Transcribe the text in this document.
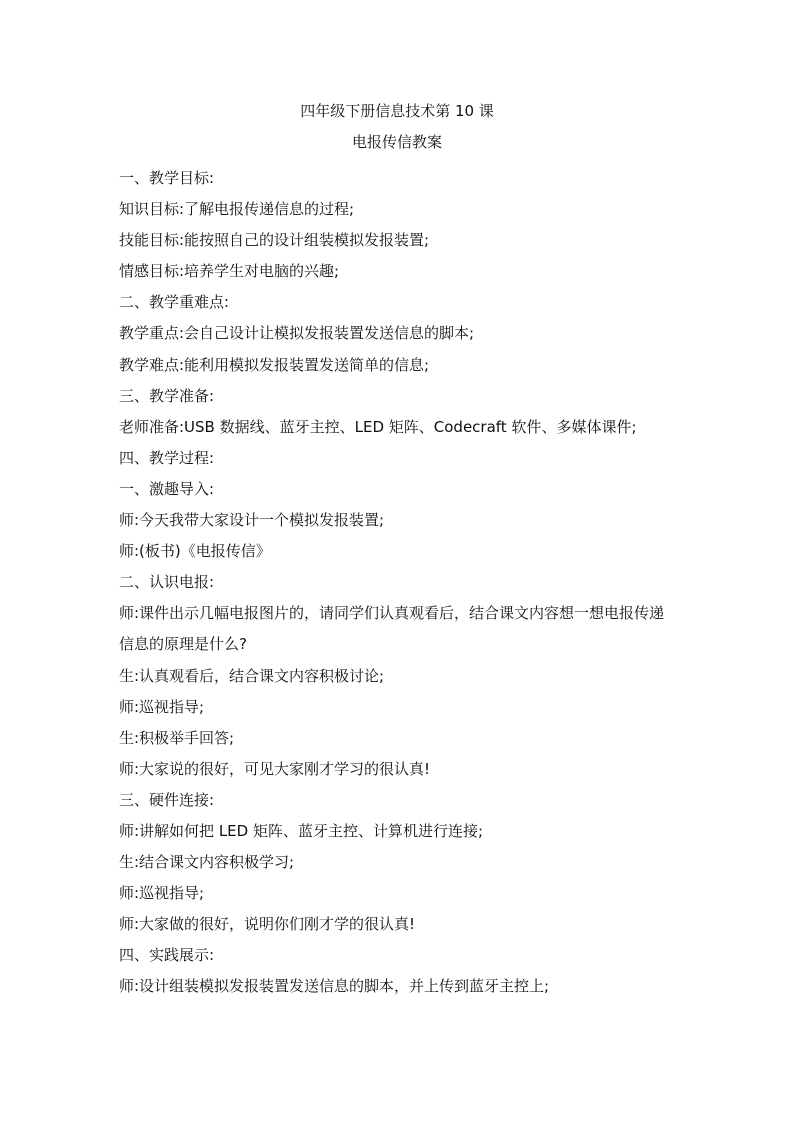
四年级下册信息技术第 10 课
电报传信教案
一、教学目标:
知识目标:了解电报传递信息的过程;
技能目标:能按照自己的设计组装模拟发报装置;
情感目标:培养学生对电脑的兴趣;
二、教学重难点:
教学重点:会自己设计让模拟发报装置发送信息的脚本;
教学难点:能利用模拟发报装置发送简单的信息;
三、教学准备:
老师准备:USB 数据线、蓝牙主控、LED 矩阵、Codecraft 软件、多媒体课件;
四、教学过程:
一、激趣导入:
师:今天我带大家设计一个模拟发报装置;
师:(板书)《电报传信》
二、认识电报:
师:课件出示几幅电报图片的，请同学们认真观看后，结合课文内容想一想电报传递信息的原理是什么?
生:认真观看后，结合课文内容积极讨论;
师:巡视指导;
生:积极举手回答;
师:大家说的很好，可见大家刚才学习的很认真!
三、硬件连接:
师:讲解如何把 LED 矩阵、蓝牙主控、计算机进行连接;
生:结合课文内容积极学习;
师:巡视指导;
师:大家做的很好，说明你们刚才学的很认真!
四、实践展示:
师:设计组装模拟发报装置发送信息的脚本，并上传到蓝牙主控上;
